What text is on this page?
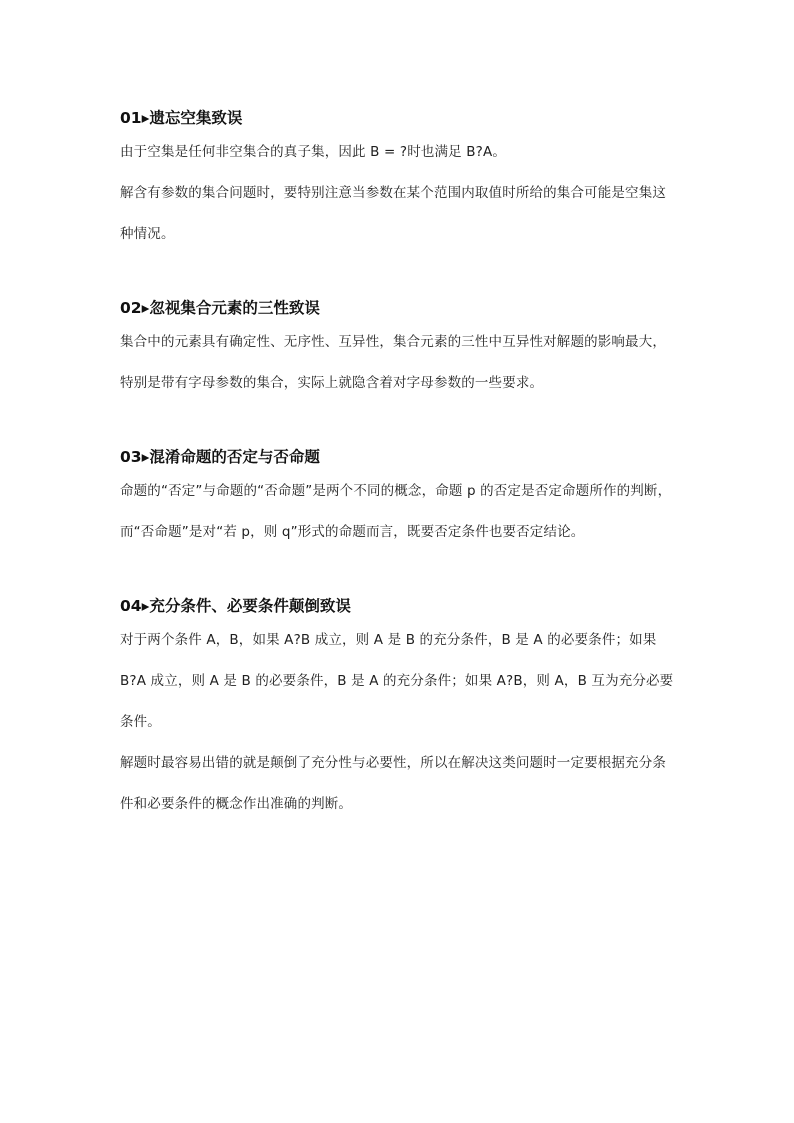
01▸遗忘空集致误

由于空集是任何非空集合的真子集，因此 B = ?时也满足 B?A。

解含有参数的集合问题时，要特别注意当参数在某个范围内取值时所给的集合可能是空集这种情况。

02▸忽视集合元素的三性致误

集合中的元素具有确定性、无序性、互异性，集合元素的三性中互异性对解题的影响最大，特别是带有字母参数的集合，实际上就隐含着对字母参数的一些要求。

03▸混淆命题的否定与否命题

命题的“否定”与命题的“否命题”是两个不同的概念，命题 p 的否定是否定命题所作的判断，而“否命题”是对“若 p，则 q”形式的命题而言，既要否定条件也要否定结论。

04▸充分条件、必要条件颠倒致误

对于两个条件 A，B，如果 A?B 成立，则 A 是 B 的充分条件，B 是 A 的必要条件；如果 B?A 成立，则 A 是 B 的必要条件，B 是 A 的充分条件；如果 A?B，则 A，B 互为充分必要条件。

解题时最容易出错的就是颠倒了充分性与必要性，所以在解决这类问题时一定要根据充分条件和必要条件的概念作出准确的判断。
